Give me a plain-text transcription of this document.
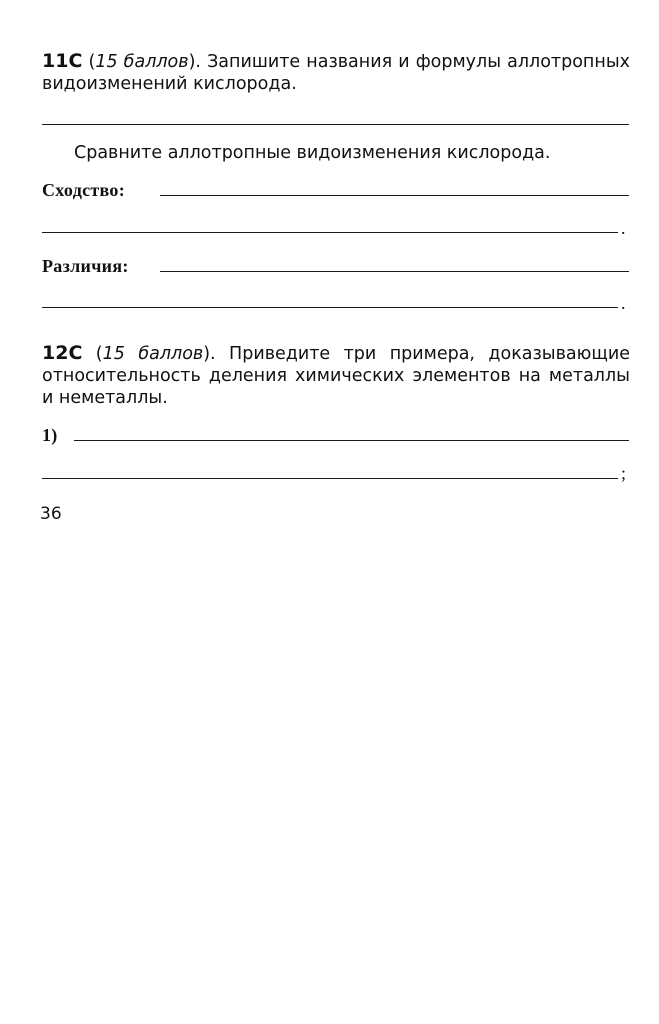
11С (15 баллов). Запишите названия и формулы аллотропных видоизменений кислорода.
Сравните аллотропные видоизменения кислорода.
Сходство:
.
Различия:
.
12С (15 баллов). Приведите три примера, доказывающие относительность деления химических элементов на металлы и неметаллы.
1)
;
36
